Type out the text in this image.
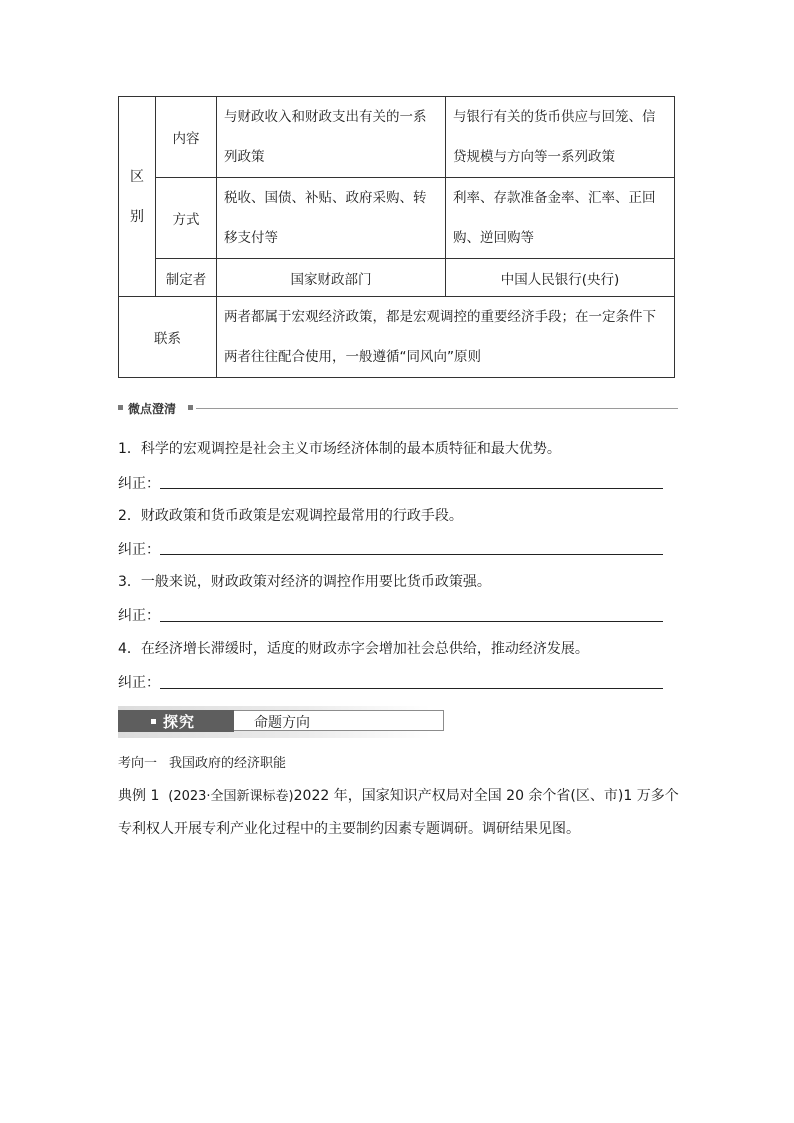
区
别	内容	与财政收入和财政支出有关的一系列政策	与银行有关的货币供应与回笼、信贷规模与方向等一系列政策
	方式	税收、国债、补贴、政府采购、转移支付等	利率、存款准备金率、汇率、正回购、逆回购等
	制定者	国家财政部门	中国人民银行(央行)
联系		两者都属于宏观经济政策，都是宏观调控的重要经济手段；在一定条件下两者往往配合使用，一般遵循“同风向”原则	
微点澄清
1．科学的宏观调控是社会主义市场经济体制的最本质特征和最大优势。
纠正：
2．财政政策和货币政策是宏观调控最常用的行政手段。
纠正：
3．一般来说，财政政策对经济的调控作用要比货币政策强。
纠正：
4．在经济增长滞缓时，适度的财政赤字会增加社会总供给，推动经济发展。
纠正：
探究	命题方向
考向一 我国政府的经济职能
典例 1 (2023·全国新课标卷)2022 年，国家知识产权局对全国 20 余个省(区、市)1 万多个专利权人开展专利产业化过程中的主要制约因素专题调研。调研结果见图。
